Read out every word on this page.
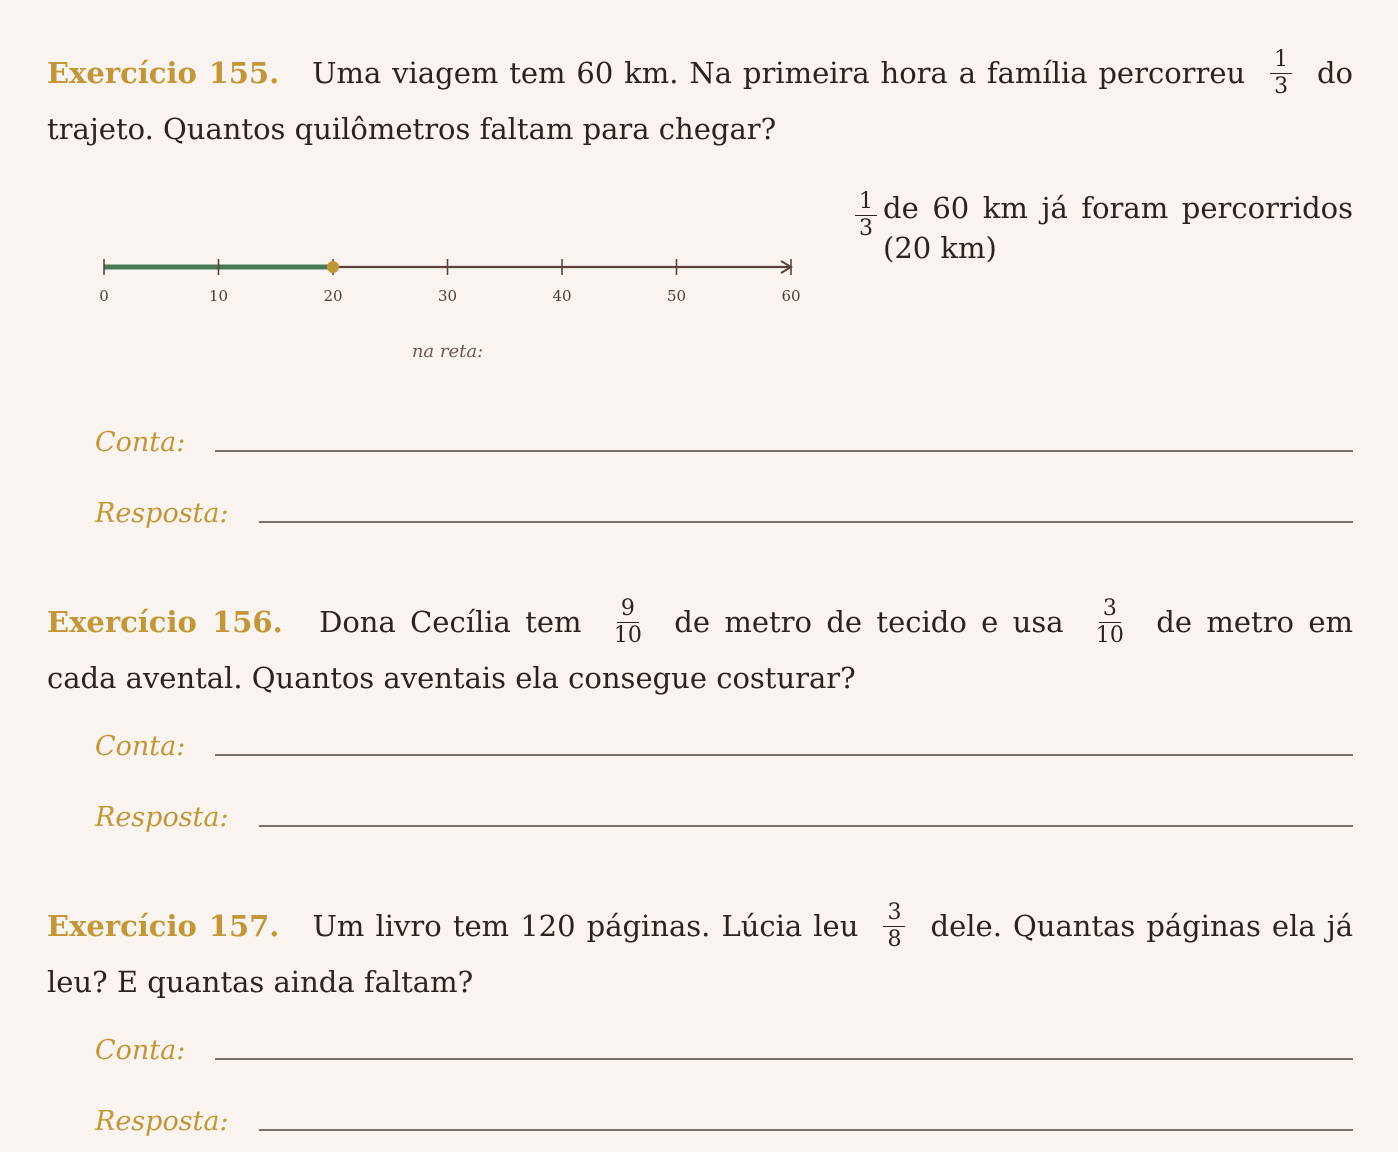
Exercício 155. Uma viagem tem 60 km. Na primeira hora a família percorreu $\frac{1}{3}$ do trajeto. Quantos quilômetros faltam para chegar?
0	10	20	30	40	50	60
na reta:
$\frac{1}{3}$ de 60 km já foram percorridos (20 km)
Conta:
Resposta:
Exercício 156. Dona Cecília tem $\frac{9}{10}$ de metro de tecido e usa $\frac{3}{10}$ de metro em cada avental. Quantos aventais ela consegue costurar?
Conta:
Resposta:
Exercício 157. Um livro tem 120 páginas. Lúcia leu $\frac{3}{8}$ dele. Quantas páginas ela já leu? E quantas ainda faltam?
Conta:
Resposta:
